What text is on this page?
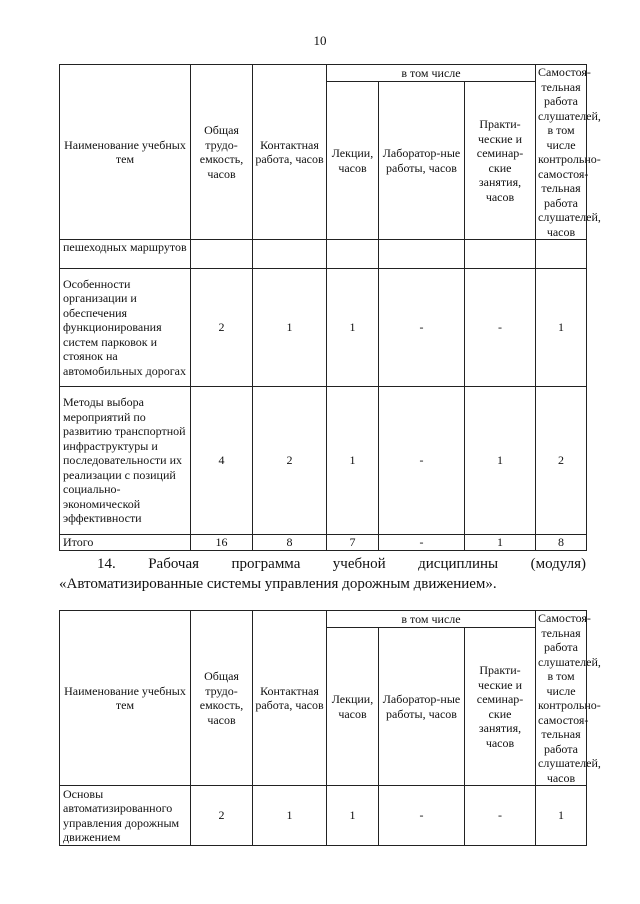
10
Наименование учебных тем	Общая трудо-емкость, часов	Контактная работа, часов	в том числе			Самостоя-тельная работа слушателей, в том числе контрольно-самостоя-тельная работа слушателей, часов
			Лекции, часов	Лаборатор-ные работы, часов	Практи-ческие и семинар-ские занятия, часов	
пешеходных маршрутов						
Особенности организации и обеспечения функционирования систем парковок и стоянок на автомобильных дорогах	2	1	1	-	-	1
Методы выбора мероприятий по развитию транспортной инфраструктуры и последовательности их реализации с позиций социально-экономической эффективности	4	2	1	-	1	2
Итого	16	8	7	-	1	8
14. Рабочая программа учебной дисциплины (модуля) «Автоматизированные системы управления дорожным движением».
Наименование учебных тем	Общая трудо-емкость, часов	Контактная работа, часов	в том числе			Самостоя-тельная работа слушателей, в том числе контрольно-самостоя-тельная работа слушателей, часов
			Лекции, часов	Лаборатор-ные работы, часов	Практи-ческие и семинар-ские занятия, часов	
Основы автоматизированного управления дорожным движением	2	1	1	-	-	1
